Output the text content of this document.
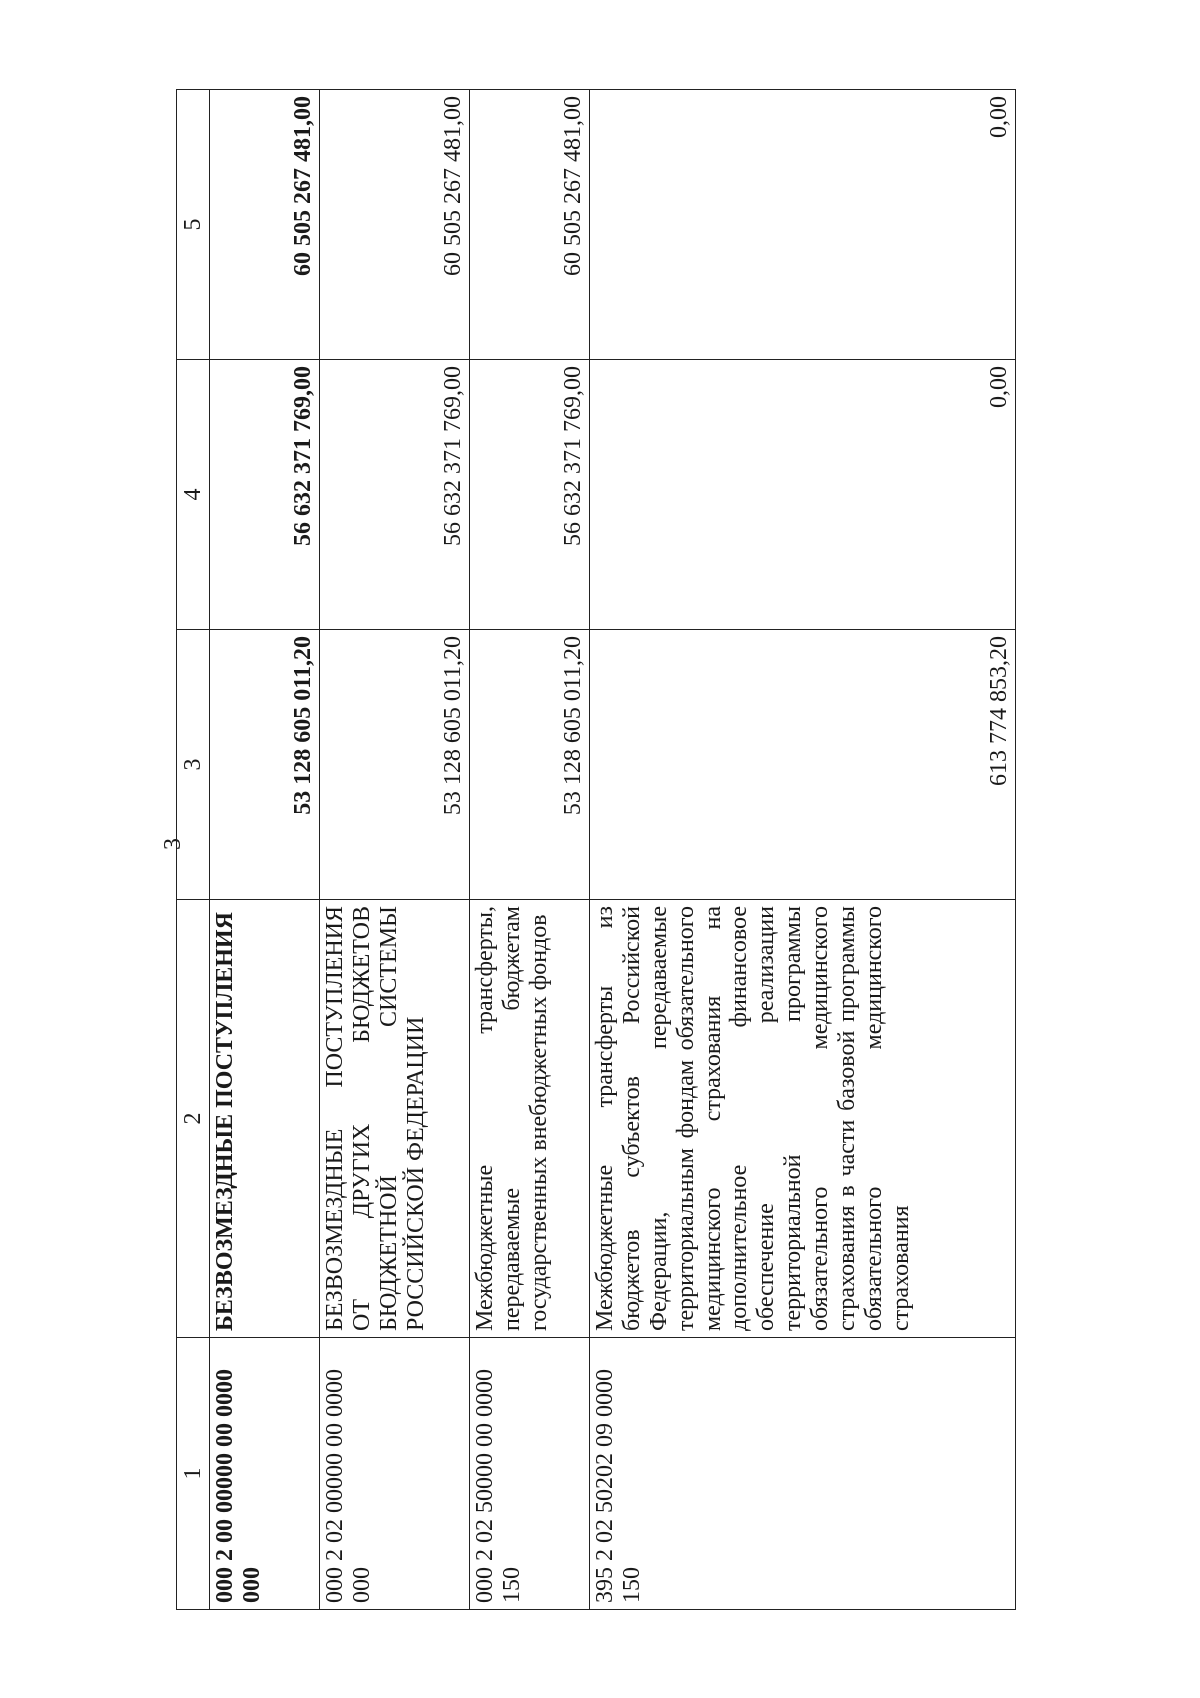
3
1	2	3	4	5
000 2 00 00000 00 0000 000	БЕЗВОЗМЕЗДНЫЕ ПОСТУПЛЕНИЯ	53 128 605 011,20	56 632 371 769,00	60 505 267 481,00
000 2 02 00000 00 0000 000	БЕЗВОЗМЕЗДНЫЕ ПОСТУПЛЕНИЯ ОТ ДРУГИХ БЮДЖЕТОВ БЮДЖЕТНОЙ СИСТЕМЫ РОССИЙСКОЙ ФЕДЕРАЦИИ	53 128 605 011,20	56 632 371 769,00	60 505 267 481,00
000 2 02 50000 00 0000 150	Межбюджетные трансферты, передаваемые бюджетам государственных внебюджетных фондов	53 128 605 011,20	56 632 371 769,00	60 505 267 481,00
395 2 02 50202 09 0000 150	Межбюджетные трансферты из бюджетов субъектов Российской Федерации, передаваемые территориальным фондам обязательного медицинского страхования на дополнительное финансовое обеспечение реализации территориальной программы обязательного медицинского страхования в части базовой программы обязательного медицинского страхования	613 774 853,20	0,00	0,00
